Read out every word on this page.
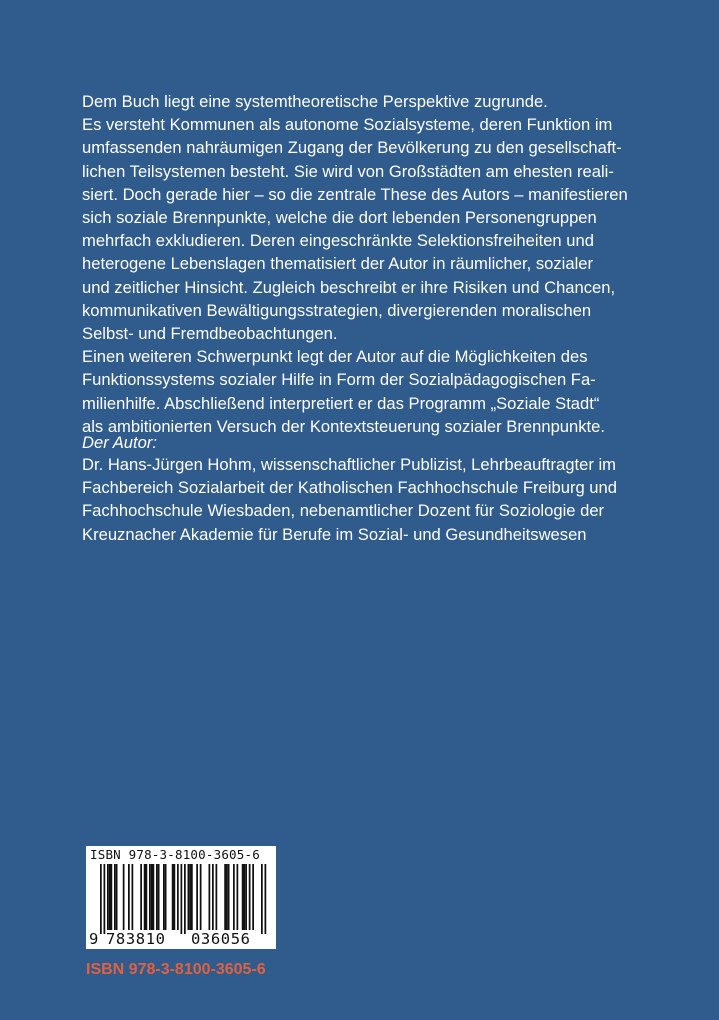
Dem Buch liegt eine systemtheoretische Perspektive zugrunde.
Es versteht Kommunen als autonome Sozialsysteme, deren Funktion im
umfassenden nahräumigen Zugang der Bevölkerung zu den gesellschaft-
lichen Teilsystemen besteht. Sie wird von Großstädten am ehesten reali-
siert. Doch gerade hier – so die zentrale These des Autors – manifestieren
sich soziale Brennpunkte, welche die dort lebenden Personengruppen
mehrfach exkludieren. Deren eingeschränkte Selektionsfreiheiten und
heterogene Lebenslagen thematisiert der Autor in räumlicher, sozialer
und zeitlicher Hinsicht. Zugleich beschreibt er ihre Risiken und Chancen,
kommunikativen Bewältigungsstrategien, divergierenden moralischen
Selbst- und Fremdbeobachtungen.
Einen weiteren Schwerpunkt legt der Autor auf die Möglichkeiten des
Funktionssystems sozialer Hilfe in Form der Sozialpädagogischen Fa-
milienhilfe. Abschließend interpretiert er das Programm „Soziale Stadt“
als ambitionierten Versuch der Kontextsteuerung sozialer Brennpunkte.
Der Autor:
Dr. Hans-Jürgen Hohm, wissenschaftlicher Publizist, Lehrbeauftragter im
Fachbereich Sozialarbeit der Katholischen Fachhochschule Freiburg und
Fachhochschule Wiesbaden, nebenamtlicher Dozent für Soziologie der
Kreuznacher Akademie für Berufe im Sozial- und Gesundheitswesen
ISBN 978-3-8100-3605-6
9 783810 036056
ISBN 978-3-8100-3605-6
